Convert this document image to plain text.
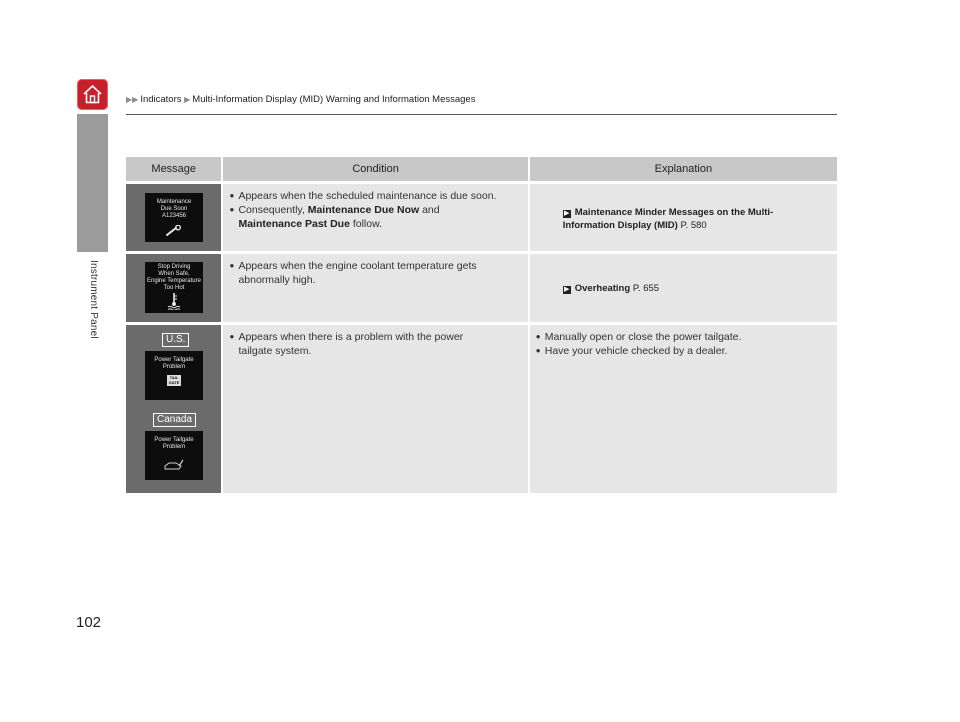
▶▶ Indicators ▶ Multi-Information Display (MID) Warning and Information Messages
Instrument Panel
102
Message	Condition	Explanation
Maintenance
Due Soon
A123456
● Appears when the scheduled maintenance is due soon.
● Consequently, Maintenance Due Now and
Maintenance Past Due follow.
▶ Maintenance Minder Messages on the Multi-
Information Display (MID) P. 580
Stop Driving
When Safe,
Engine Temperature
Too Hot
● Appears when the engine coolant temperature gets
abnormally high.
▶ Overheating P. 655
U.S.
Power Tailgate
Problem
TAIL
GATE
Canada
Power Tailgate
Problem
● Appears when there is a problem with the power
tailgate system.
● Manually open or close the power tailgate.
● Have your vehicle checked by a dealer.
